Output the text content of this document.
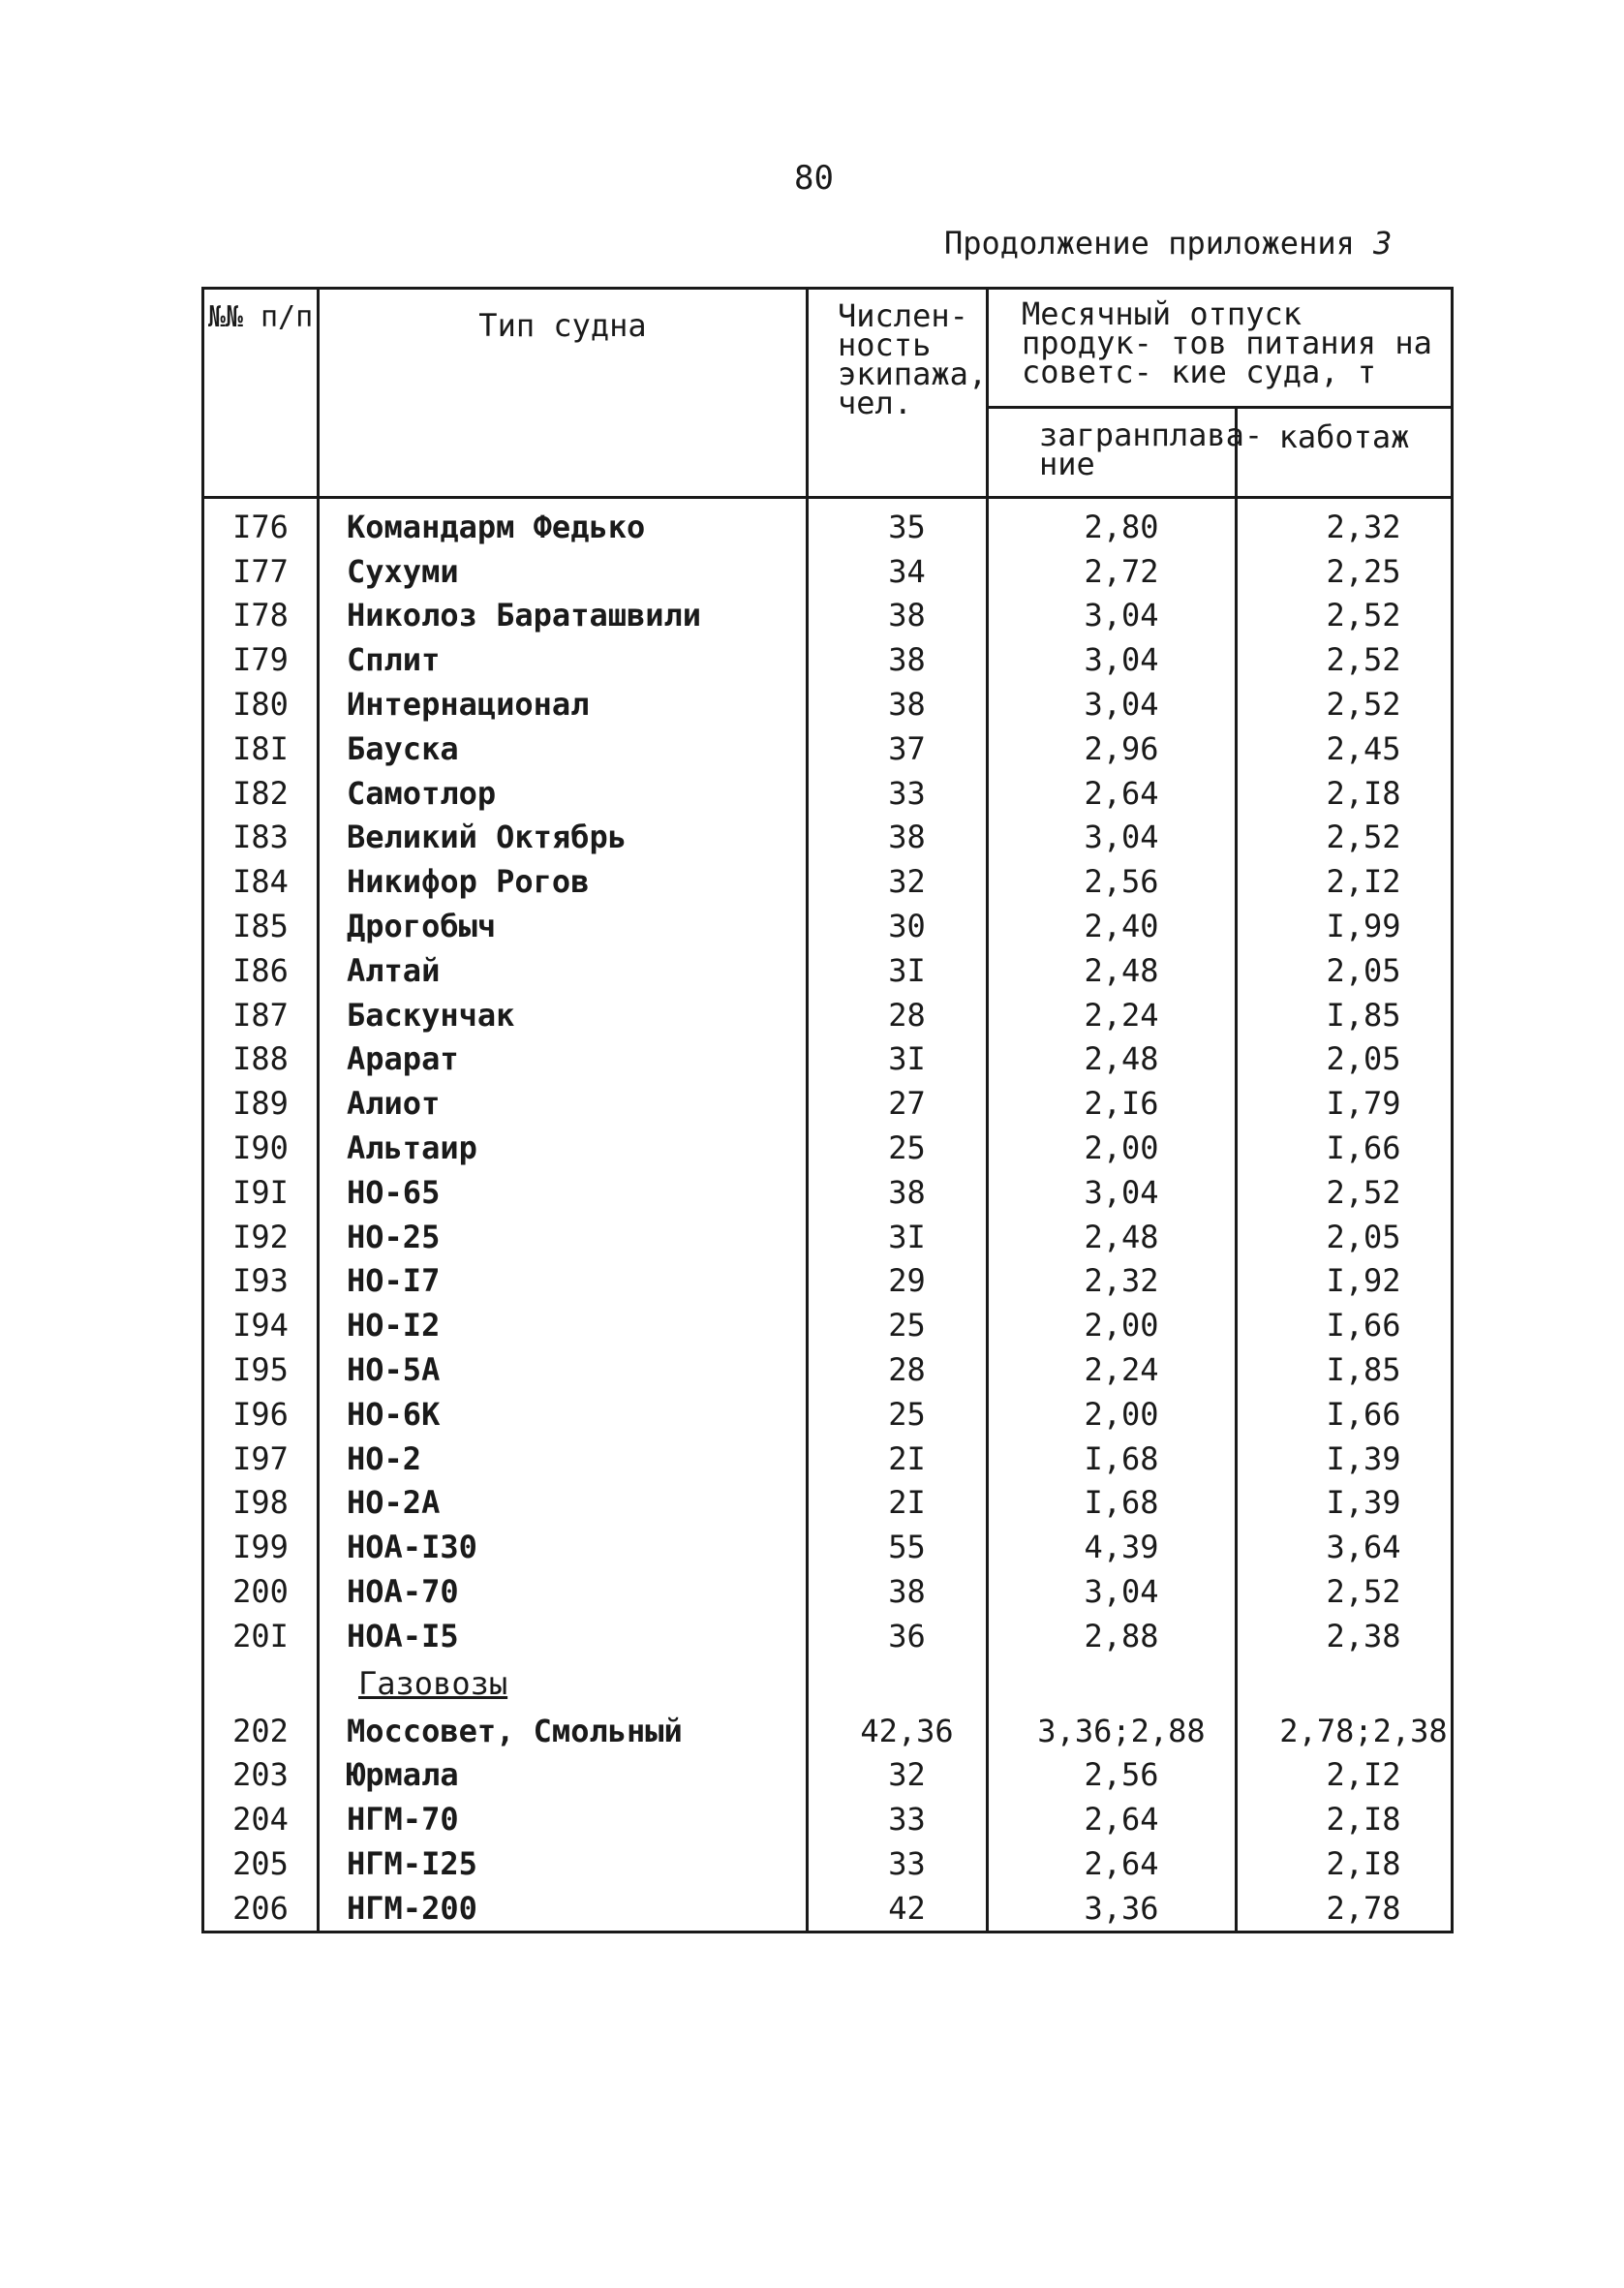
80
Продолжение приложения 3
№№ п/п	Тип судна	Числен- ность экипажа, чел.	Месячный отпуск продук- тов питания на советс- кие суда, т	
			загранплава- ние	каботаж
I76	Командарм Федько	35	2,80	2,32
I77	Сухуми	34	2,72	2,25
I78	Николоз Бараташвили	38	3,04	2,52
I79	Сплит	38	3,04	2,52
I80	Интернационал	38	3,04	2,52
I8I	Бауска	37	2,96	2,45
I82	Самотлор	33	2,64	2,I8
I83	Великий Октябрь	38	3,04	2,52
I84	Никифор Рогов	32	2,56	2,I2
I85	Дрогобыч	30	2,40	I,99
I86	Алтай	3I	2,48	2,05
I87	Баскунчак	28	2,24	I,85
I88	Арарат	3I	2,48	2,05
I89	Алиот	27	2,I6	I,79
I90	Альтаир	25	2,00	I,66
I9I	НО-65	38	3,04	2,52
I92	НО-25	3I	2,48	2,05
I93	НО-I7	29	2,32	I,92
I94	НО-I2	25	2,00	I,66
I95	НО-5А	28	2,24	I,85
I96	НО-6К	25	2,00	I,66
I97	НО-2	2I	I,68	I,39
I98	НО-2А	2I	I,68	I,39
I99	НОА-I30	55	4,39	3,64
200	НОА-70	38	3,04	2,52
20I	НОА-I5	36	2,88	2,38
	Газовозы			
202	Моссовет, Смольный	42,36	3,36;2,88	2,78;2,38
203	Юрмала	32	2,56	2,I2
204	НГМ-70	33	2,64	2,I8
205	НГМ-I25	33	2,64	2,I8
206	НГМ-200	42	3,36	2,78
